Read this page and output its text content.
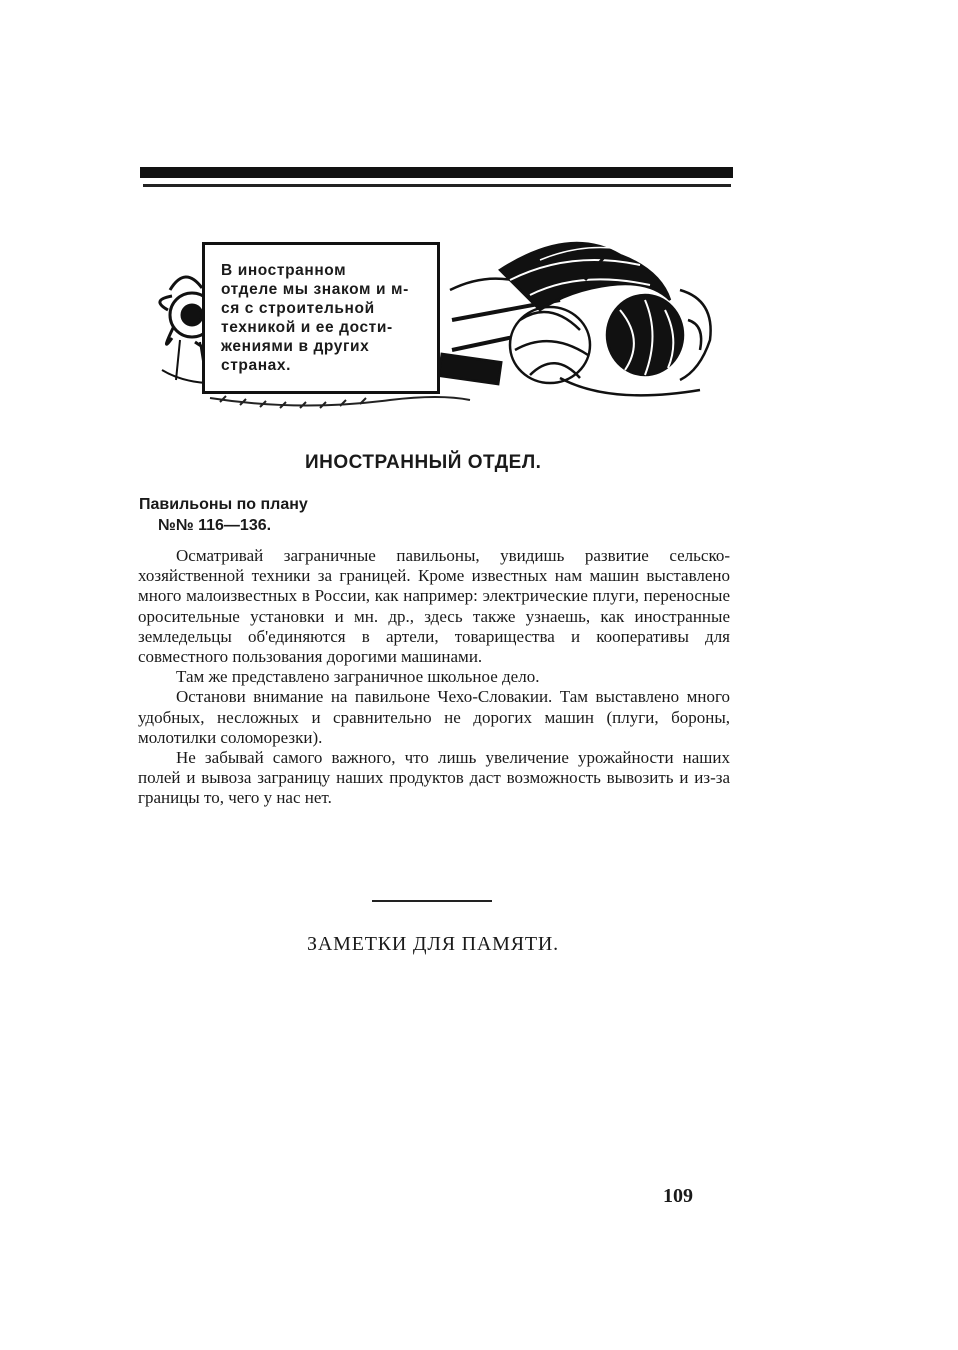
В иностранном
отделе мы знаком и м-
ся с строительной
техникой и ее дости-
жениями в других
странах.
ИНОСТРАННЫЙ ОТДЕЛ.
Павильоны по плану
№№ 116—136.

Осматривай заграничные павильоны, увидишь развитие сельско-хозяйственной техники за границей. Кроме известных нам машин выставлено много малоизвестных в России, как например: электрические плуги, переносные оросительные установки и мн. др., здесь также узнаешь, как иностранные земледельцы об'единяются в артели, товарищества и кооперативы для совместного пользования дорогими машинами.

Там же представлено заграничное школьное дело.

Останови внимание на павильоне Чехо-Словакии. Там выставлено много удобных, несложных и сравнительно не дорогих машин (плуги, бороны, молотилки соломорезки).

Не забывай самого важного, что лишь увеличение урожайности наших полей и вывоза заграницу наших продуктов даст возможность вывозить и из-за границы то, чего у нас нет.

ЗАМЕТКИ ДЛЯ ПАМЯТИ.
109
